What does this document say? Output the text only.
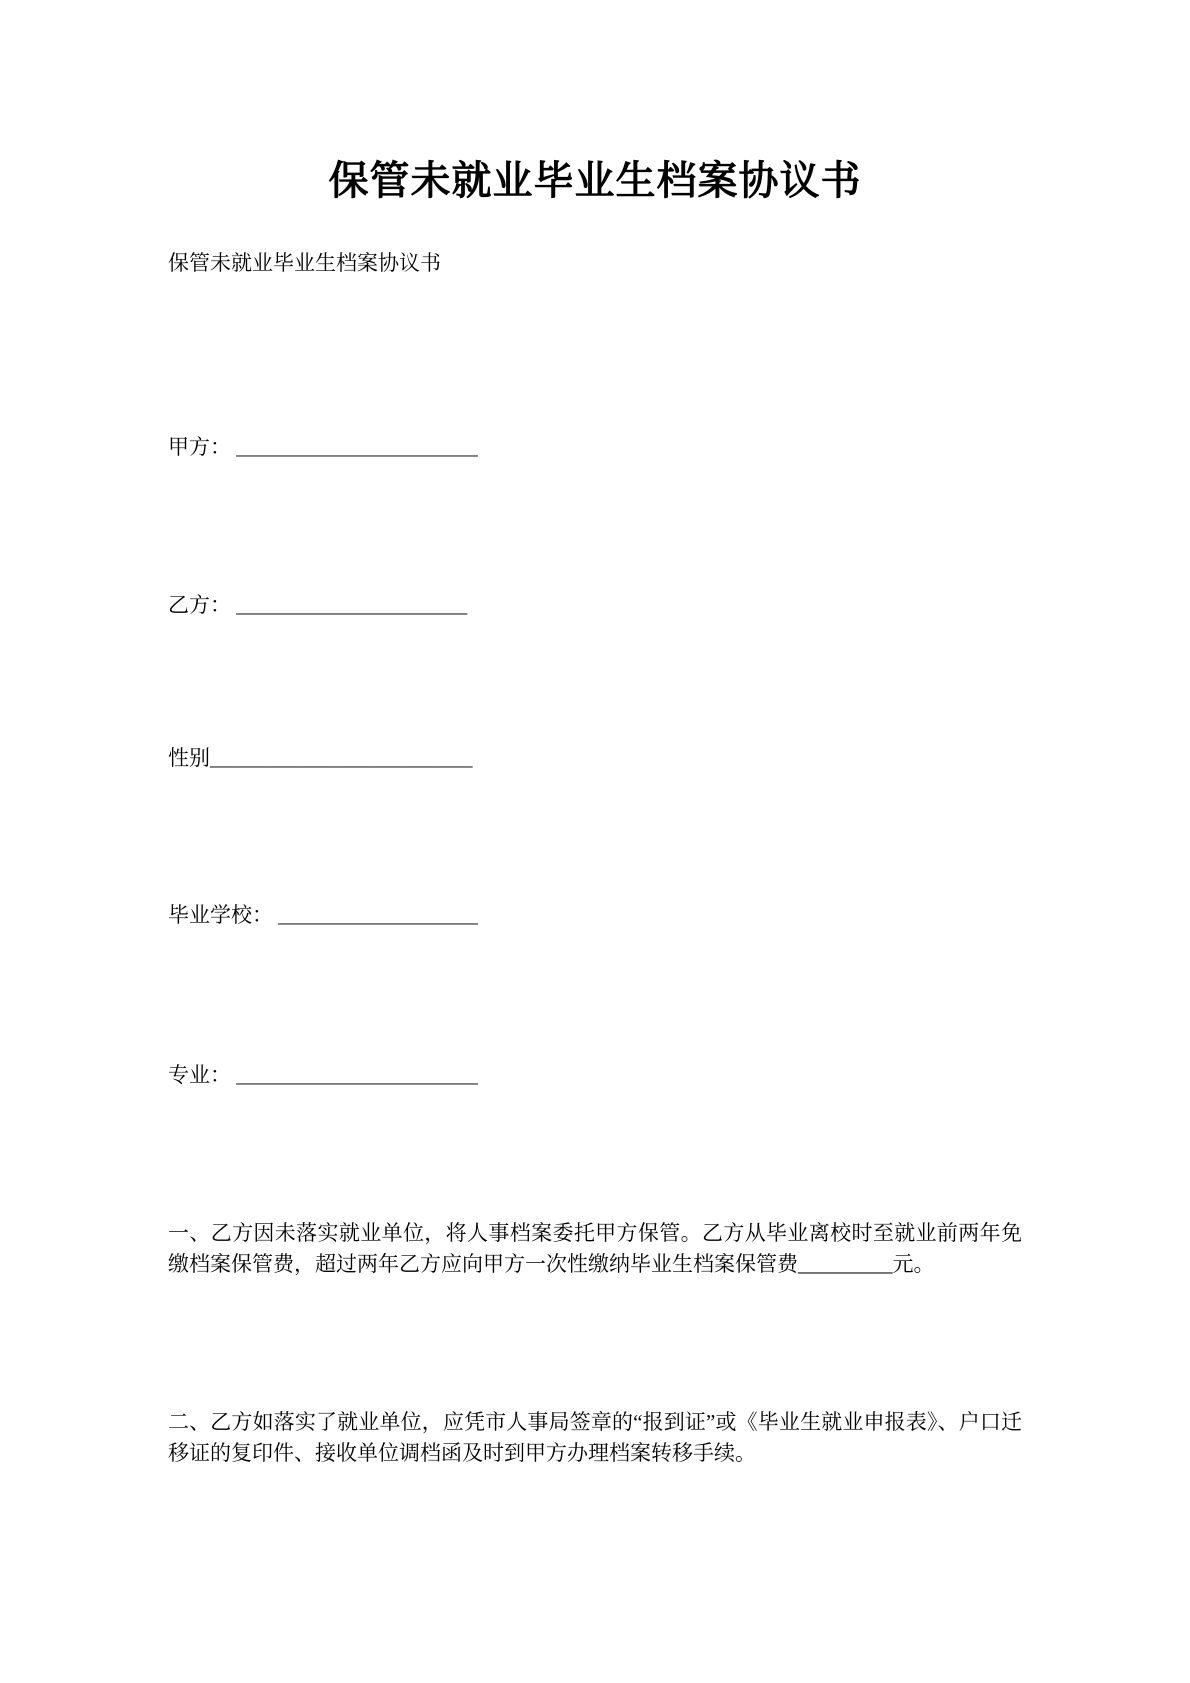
保管未就业毕业生档案协议书
保管未就业毕业生档案协议书
甲方： _______________________
乙方： ______________________
性别_________________________
毕业学校： ___________________
专业： _______________________

一、乙方因未落实就业单位，将人事档案委托甲方保管。乙方从毕业离校时至就业前两年免缴档案保管费，超过两年乙方应向甲方一次性缴纳毕业生档案保管费_________元。

二、乙方如落实了就业单位，应凭市人事局签章的“报到证”或《毕业生就业申报表》、户口迁移证的复印件、接收单位调档函及时到甲方办理档案转移手续。
